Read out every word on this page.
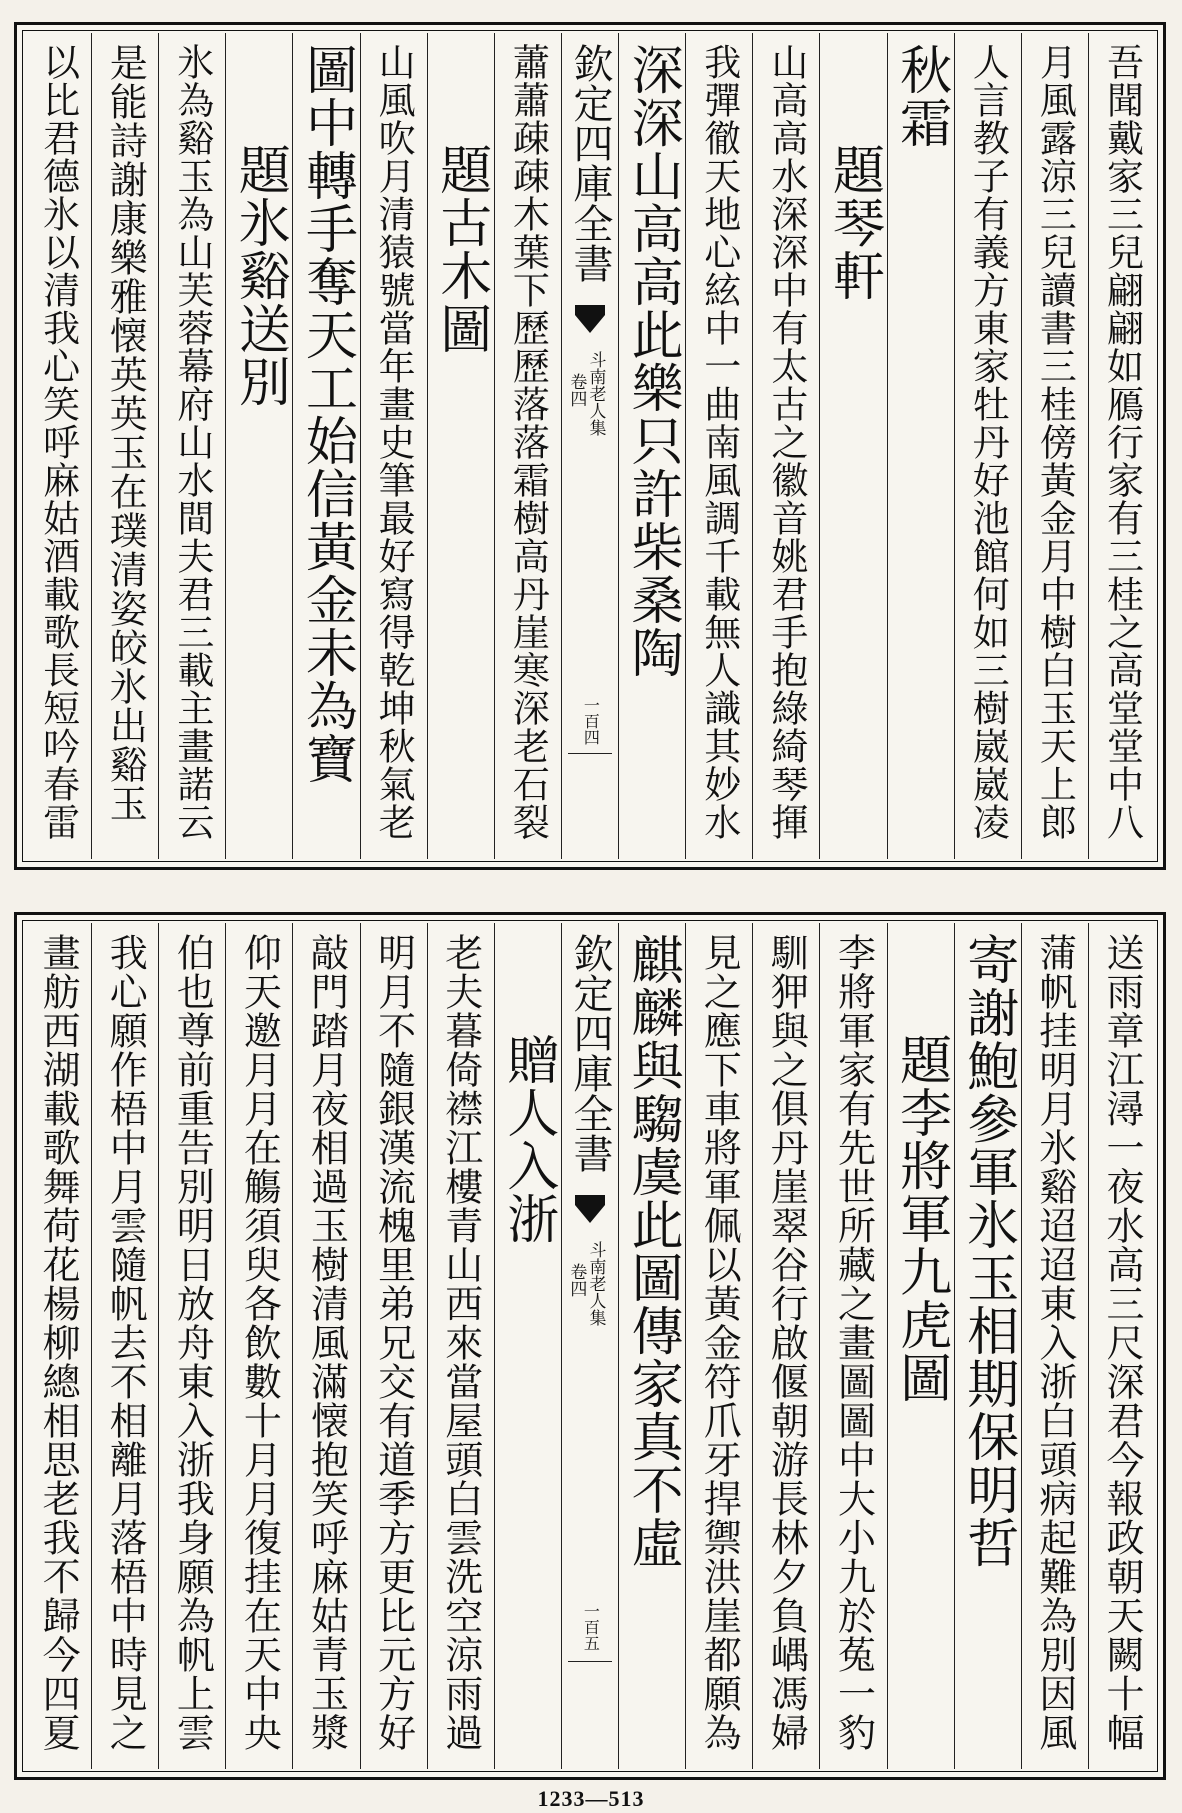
吾聞戴家三兒翩翩如鴈行家有三桂之高堂堂中八
月風露涼三兒讀書三桂傍黃金月中樹白玉天上郎
人言教子有義方東家牡丹好池館何如三樹崴崴凌
秋霜
題琴軒
山高高水深深中有太古之徽音姚君手抱綠綺琴揮
我彈徹天地心絃中一曲南風調千載無人識其妙水
深深山高高此樂只許柴桑陶
欽定四庫全書
斗南老人集
卷四
一百四
蕭蕭疎疎木葉下歷歷落落霜樹高丹崖寒深老石裂
題古木圖
山風吹月清猿號當年畫史筆最好寫得乾坤秋氣老
圖中轉手奪天工始信黃金未為寶
題氷谿送別
氷為谿玉為山芙蓉幕府山水間夫君三載主畫諾云
是能詩謝康樂雅懐英英玉在璞清姿皎氷出谿玉
以比君德氷以清我心笑呼麻姑酒載歌長短吟春雷
送雨章江潯一夜水高三尺深君今報政朝天闕十幅
蒲帆挂明月氷谿迢迢東入浙白頭病起難為別因風
寄謝鮑參軍氷玉相期保明哲
題李將軍九虎圖
李將軍家有先世所藏之畫圖圖中大小九於菟一豹
馴狎與之俱丹崖翠谷行啟偃朝游長林夕負嵎馮婦
見之應下車將軍佩以黃金符爪牙捍禦洪崖都願為
麒麟與騶虞此圖傳家真不虛
欽定四庫全書
斗南老人集
卷四
一百五
贈人入浙
老夫暮倚襟江樓青山西來當屋頭白雲洗空涼雨過
明月不隨銀漢流槐里弟兄交有道季方更比元方好
敲門踏月夜相過玉樹清風滿懐抱笑呼麻姑青玉漿
仰天邀月月在觴須臾各飲數十月月復挂在天中央
伯也尊前重告別明日放舟東入浙我身願為帆上雲
我心願作梧中月雲隨帆去不相離月落梧中時見之
畫舫西湖載歌舞荷花楊柳總相思老我不歸今四夏
1233—513
